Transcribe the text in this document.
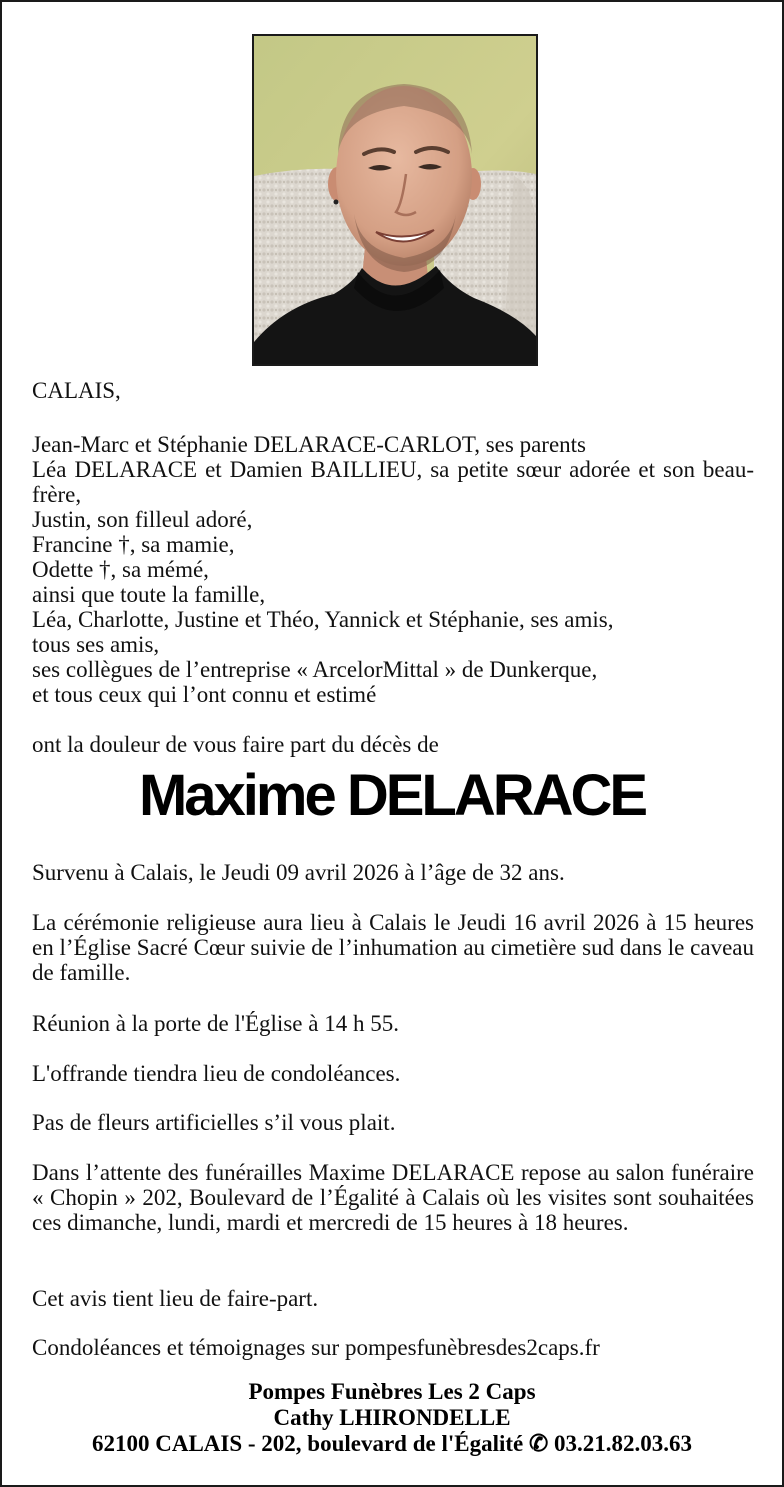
CALAIS,

Jean-Marc et Stéphanie DELARACE-CARLOT, ses parents
Léa DELARACE et Damien BAILLIEU, sa petite sœur adorée et son beau-frère,
Justin, son filleul adoré,
Francine †, sa mamie,
Odette †, sa mémé,
ainsi que toute la famille,
Léa, Charlotte, Justine et Théo, Yannick et Stéphanie, ses amis,
tous ses amis,
ses collègues de l’entreprise « ArcelorMittal » de Dunkerque,
et tous ceux qui l’ont connu et estimé

ont la douleur de vous faire part du décès de

Maxime DELARACE

Survenu à Calais, le Jeudi 09 avril 2026 à l’âge de 32 ans.

La cérémonie religieuse aura lieu à Calais le Jeudi 16 avril 2026 à 15 heures en l’Église Sacré Cœur suivie de l’inhumation au cimetière sud dans le caveau de famille.

Réunion à la porte de l'Église à 14 h 55.

L'offrande tiendra lieu de condoléances.

Pas de fleurs artificielles s’il vous plait.

Dans l’attente des funérailles Maxime DELARACE repose au salon funéraire « Chopin » 202, Boulevard de l’Égalité à Calais où les visites sont souhaitées ces dimanche, lundi, mardi et mercredi de 15 heures à 18 heures.

Cet avis tient lieu de faire-part.

Condoléances et témoignages sur pompesfunèbresdes2caps.fr

Pompes Funèbres Les 2 Caps
Cathy LHIRONDELLE
62100 CALAIS - 202, boulevard de l'Égalité ✆ 03.21.82.03.63
